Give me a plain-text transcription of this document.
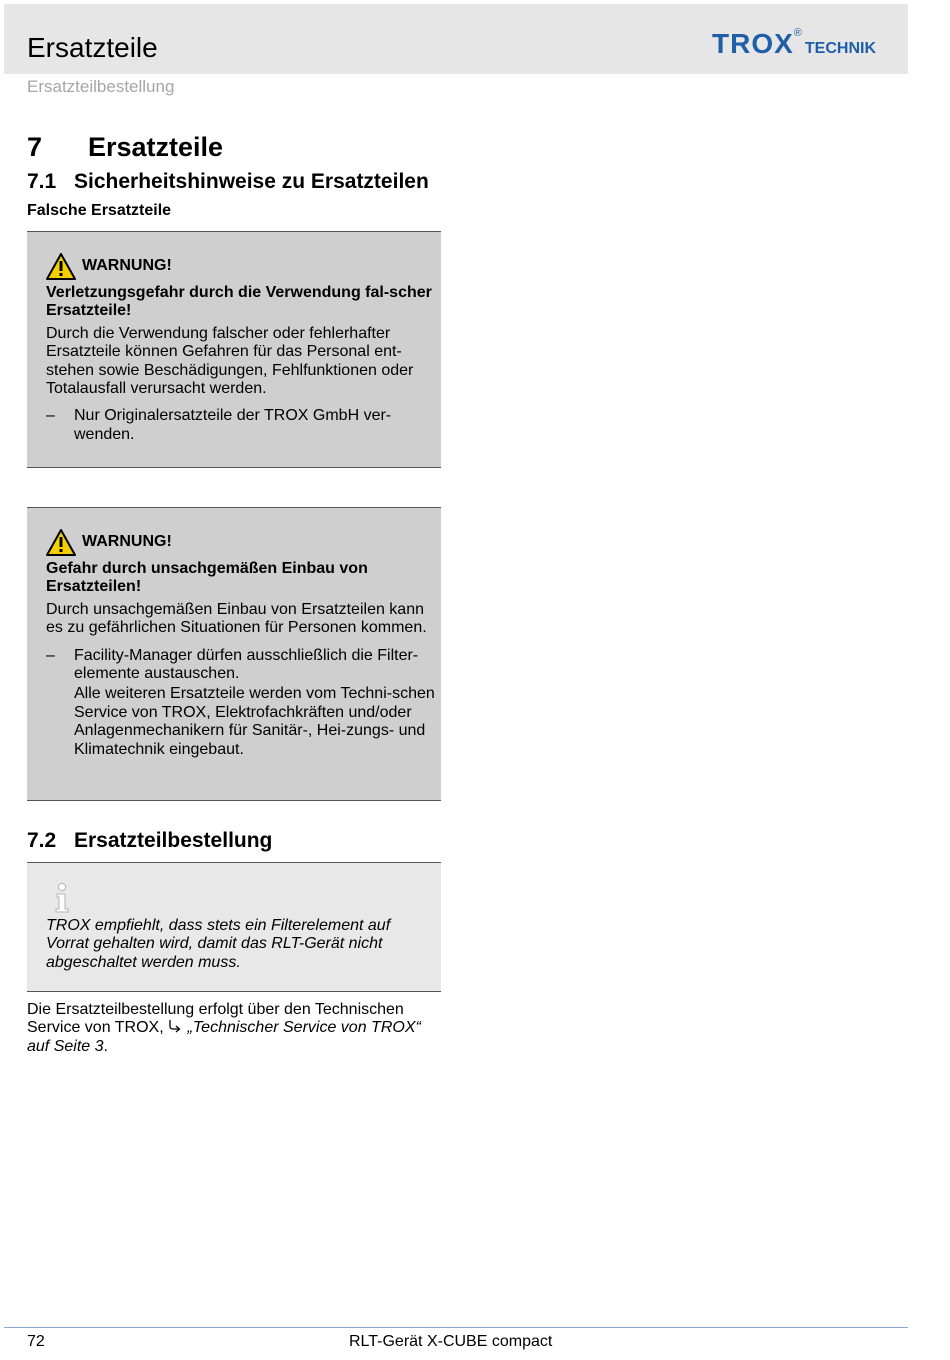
Ersatzteile
Ersatzteilbestellung
TROX®TECHNIK
7 Ersatzteile
7.1 Sicherheitshinweise zu Ersatzteilen
Falsche Ersatzteile
WARNUNG!

Verletzungsgefahr durch die Verwendung fal-scher Ersatzteile!

Durch die Verwendung falscher oder fehlerhafter Ersatzteile können Gefahren für das Personal ent-stehen sowie Beschädigungen, Fehlfunktionen oder Totalausfall verursacht werden.

–	Nur Originalersatzteile der TROX GmbH ver-wenden.
WARNUNG!

Gefahr durch unsachgemäßen Einbau von Ersatzteilen!

Durch unsachgemäßen Einbau von Ersatzteilen kann es zu gefährlichen Situationen für Personen kommen.

–	Facility-Manager dürfen ausschließlich die Filter-elemente austauschen.
Alle weiteren Ersatzteile werden vom Techni-schen Service von TROX, Elektrofachkräften und/oder Anlagenmechanikern für Sanitär-, Hei-zungs- und Klimatechnik eingebaut.
7.2 Ersatzteilbestellung
TROX empfiehlt, dass stets ein Filterelement auf Vorrat gehalten wird, damit das RLT-Gerät nicht abgeschaltet werden muss.
Die Ersatzteilbestellung erfolgt über den Technischen Service von TROX, „Technischer Service von TROX“ auf Seite 3.
72	RLT-Gerät X-CUBE compact
